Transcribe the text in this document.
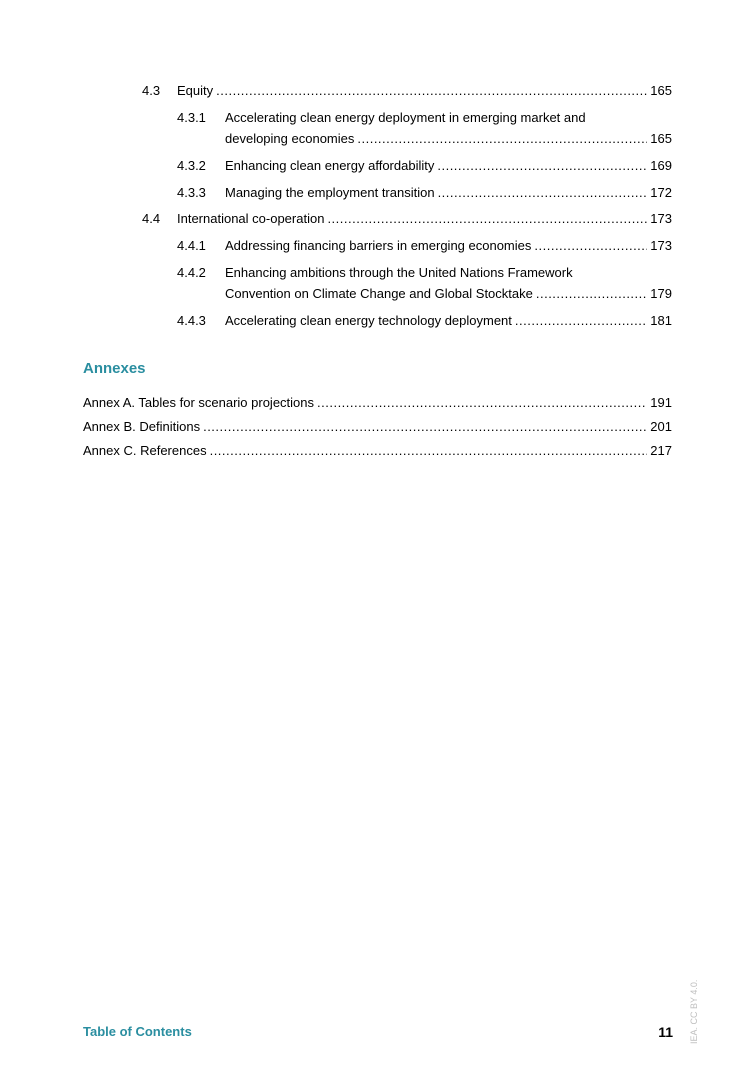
4.3	Equity .....	165
4.3.1 Accelerating clean energy deployment in emerging market and
developing economies .....	165
4.3.2	Enhancing clean energy affordability .....	169
4.3.3	Managing the employment transition .....	172
4.4	International co-operation .....	173
4.4.1	Addressing financing barriers in emerging economies .....	173
4.4.2 Enhancing ambitions through the United Nations Framework
Convention on Climate Change and Global Stocktake .....	179
4.4.3	Accelerating clean energy technology deployment .....	181
Annexes
Annex A. Tables for scenario projections .....	191
Annex B. Definitions .....	201
Annex C. References .....	217
Table of Contents	11 IEA. CC BY 4.0.
